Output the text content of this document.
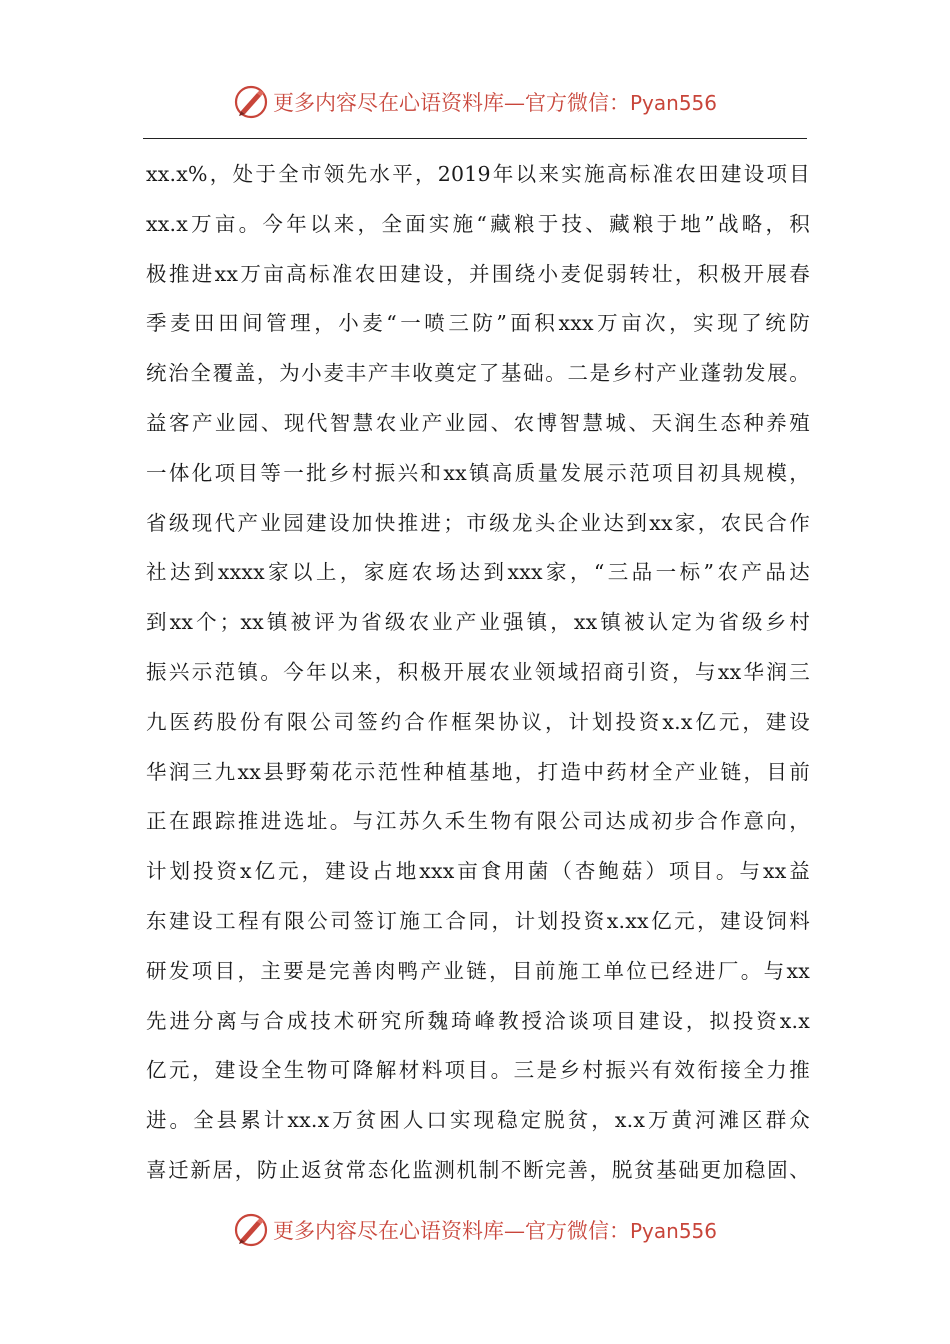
更多内容尽在心语资料库—官方微信：Pyan556
xx.x%，处于全市领先水平，2019年以来实施高标准农田建设项目
xx.x万亩。今年以来，全面实施“藏粮于技、藏粮于地”战略，积
极推进xx万亩高标准农田建设，并围绕小麦促弱转壮，积极开展春
季麦田田间管理，小麦“一喷三防”面积xxx万亩次，实现了统防
统治全覆盖，为小麦丰产丰收奠定了基础。二是乡村产业蓬勃发展。
益客产业园、现代智慧农业产业园、农博智慧城、天润生态种养殖
一体化项目等一批乡村振兴和xx镇高质量发展示范项目初具规模，
省级现代产业园建设加快推进；市级龙头企业达到xx家，农民合作
社达到xxxx家以上，家庭农场达到xxx家，“三品一标”农产品达
到xx个；xx镇被评为省级农业产业强镇，xx镇被认定为省级乡村
振兴示范镇。今年以来，积极开展农业领域招商引资，与xx华润三
九医药股份有限公司签约合作框架协议，计划投资x.x亿元，建设
华润三九xx县野菊花示范性种植基地，打造中药材全产业链，目前
正在跟踪推进选址。与江苏久禾生物有限公司达成初步合作意向，
计划投资x亿元，建设占地xxx亩食用菌（杏鲍菇）项目。与xx益
东建设工程有限公司签订施工合同，计划投资x.xx亿元，建设饲料
研发项目，主要是完善肉鸭产业链，目前施工单位已经进厂。与xx
先进分离与合成技术研究所魏琦峰教授洽谈项目建设，拟投资x.x
亿元，建设全生物可降解材料项目。三是乡村振兴有效衔接全力推
进。全县累计xx.x万贫困人口实现稳定脱贫，x.x万黄河滩区群众
喜迁新居，防止返贫常态化监测机制不断完善，脱贫基础更加稳固、
更多内容尽在心语资料库—官方微信：Pyan556
